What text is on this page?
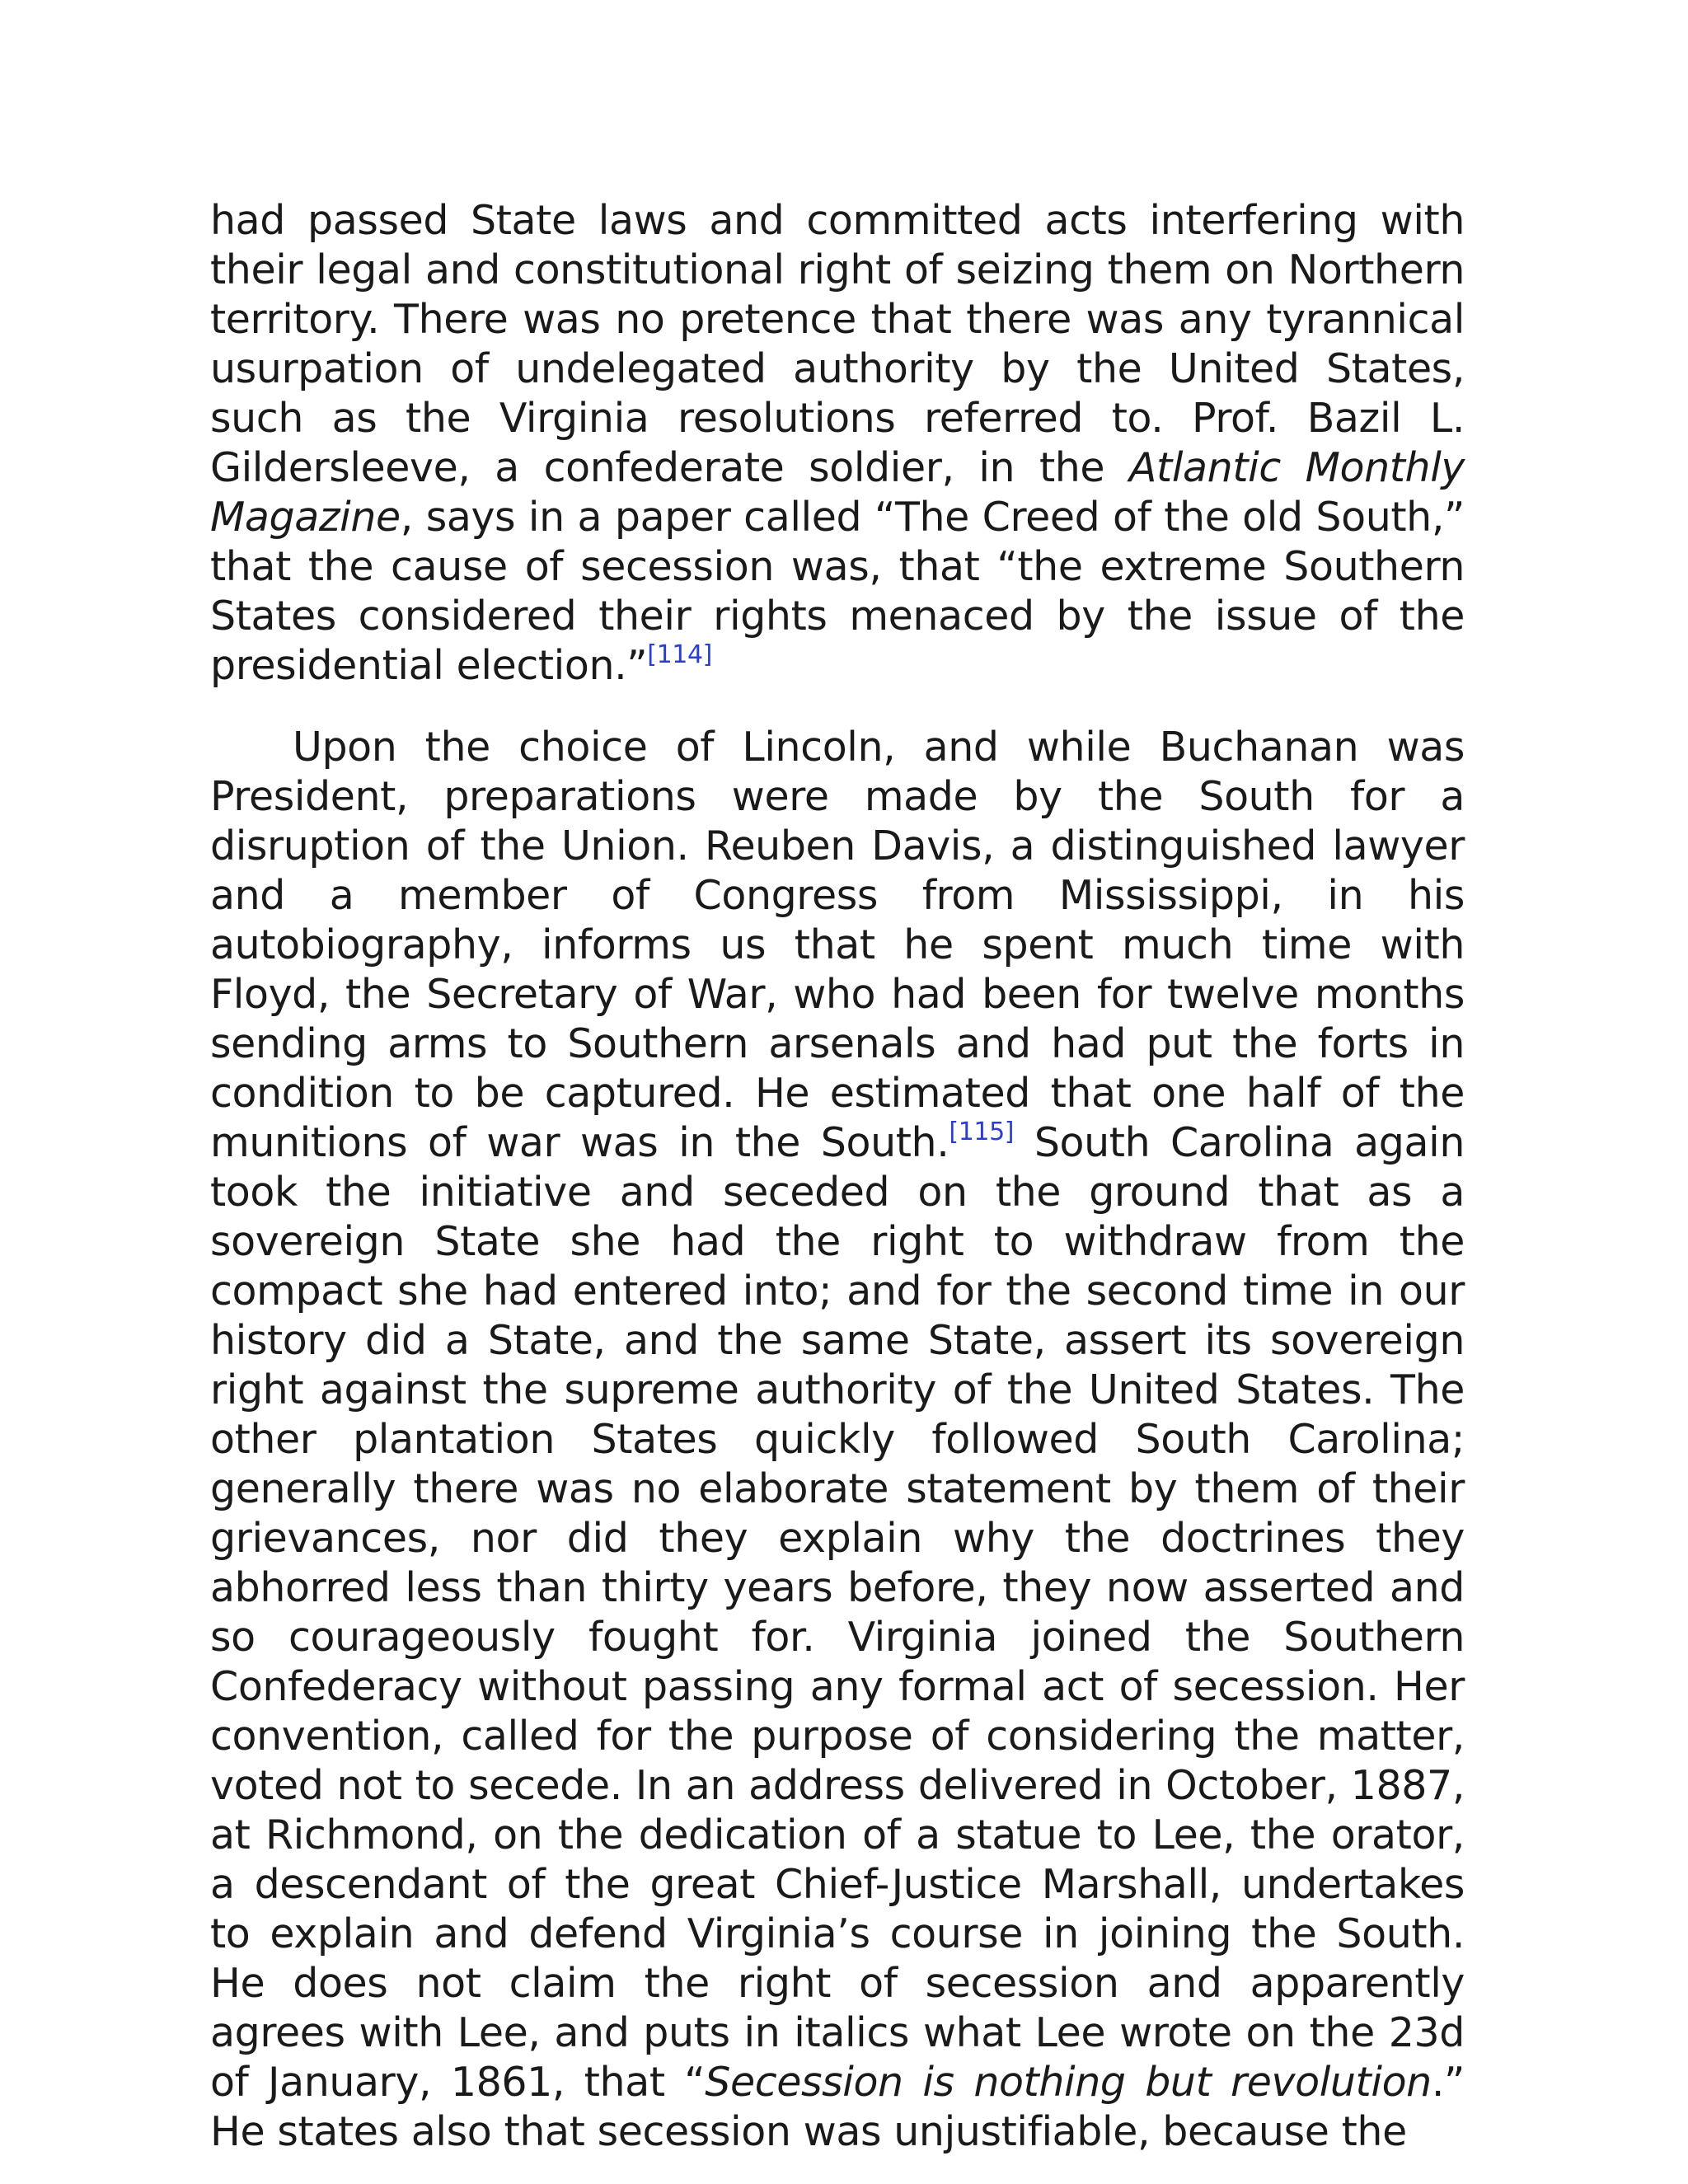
had passed State laws and committed acts interfering with their legal and constitutional right of seizing them on Northern territory. There was no pretence that there was any tyrannical usurpation of undelegated authority by the United States, such as the Virginia resolutions referred to. Prof. Bazil L. Gildersleeve, a confederate soldier, in the Atlantic Monthly Magazine, says in a paper called “The Creed of the old South,” that the cause of secession was, that “the extreme Southern States considered their rights menaced by the issue of the presidential election.”[114]

Upon the choice of Lincoln, and while Buchanan was President, preparations were made by the South for a disruption of the Union. Reuben Davis, a distinguished lawyer and a member of Congress from Mississippi, in his autobiography, informs us that he spent much time with Floyd, the Secretary of War, who had been for twelve months sending arms to Southern arsenals and had put the forts in condition to be captured. He estimated that one half of the munitions of war was in the South.[115] South Carolina again took the initiative and seceded on the ground that as a sovereign State she had the right to withdraw from the compact she had entered into; and for the second time in our history did a State, and the same State, assert its sovereign right against the supreme authority of the United States. The other plantation States quickly followed South Carolina; generally there was no elaborate statement by them of their grievances, nor did they explain why the doctrines they abhorred less than thirty years before, they now asserted and so courageously fought for. Virginia joined the Southern Confederacy without passing any formal act of secession. Her convention, called for the purpose of considering the matter, voted not to secede. In an address delivered in October, 1887, at Richmond, on the dedication of a statue to Lee, the orator, a descendant of the great Chief-Justice Marshall, undertakes to explain and defend Virginia’s course in joining the South. He does not claim the right of secession and apparently agrees with Lee, and puts in italics what Lee wrote on the 23d of January, 1861, that “Secession is nothing but revolution.” He states also that secession was unjustifiable, because the
